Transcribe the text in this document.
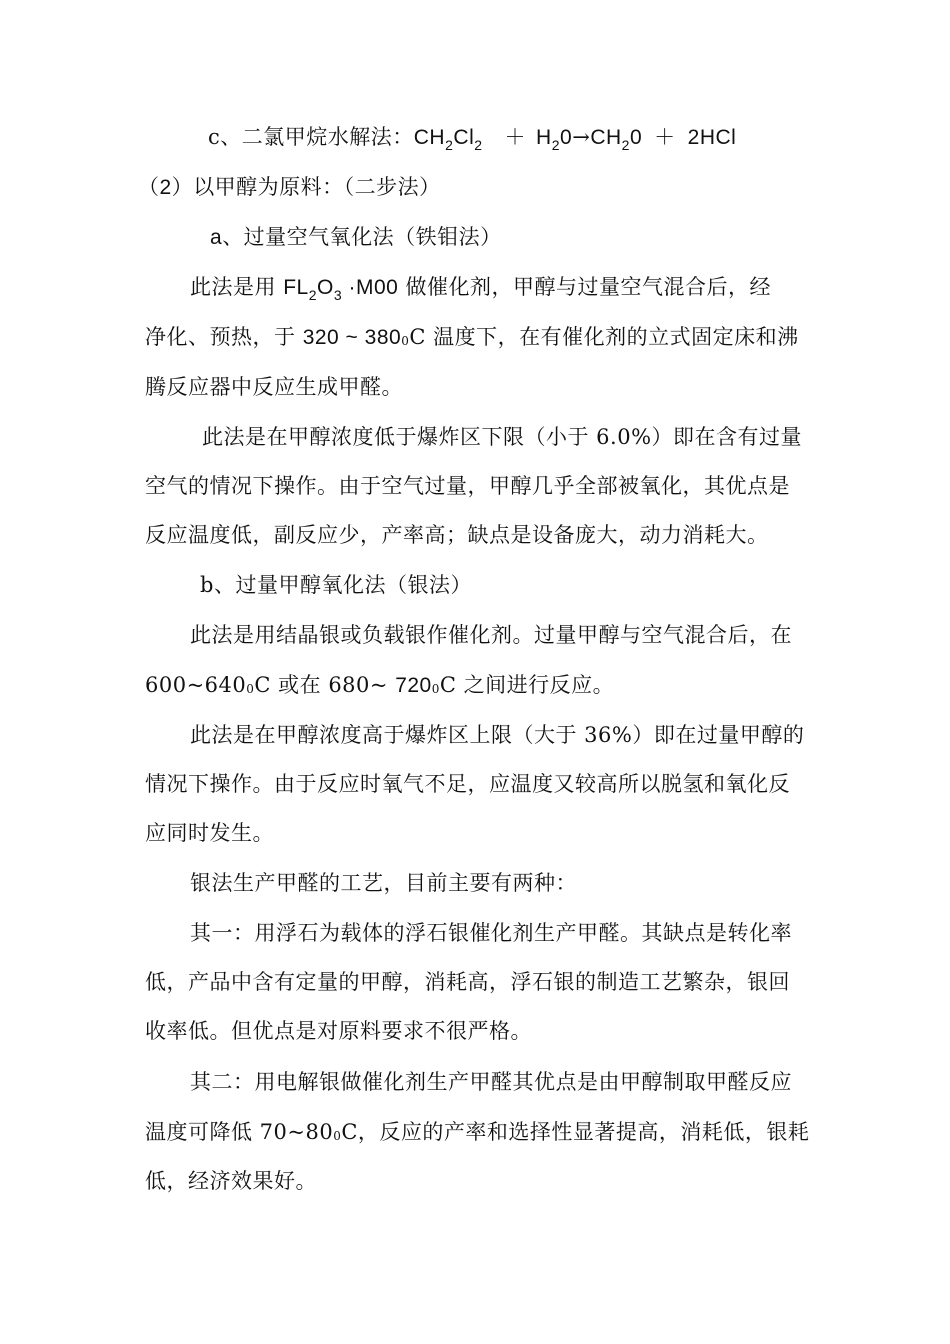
c、二氯甲烷水解法：$CH_2Cl_2 + H_20\to CH_20 + 2HCl$
（2）以甲醇为原料：（二步法）
a、过量空气氧化法（铁钼法）
此法是用 $FL_2O_3 \cdot M00$ 做催化剂，甲醇与过量空气混合后，经
净化、预热，于 320 ~ 3800C 温度下，在有催化剂的立式固定床和沸
腾反应器中反应生成甲醛。
此法是在甲醇浓度低于爆炸区下限（小于 6.0%）即在含有过量
空气的情况下操作。由于空气过量，甲醇几乎全部被氧化，其优点是
反应温度低，副反应少，产率高；缺点是设备庞大，动力消耗大。
b、过量甲醇氧化法（银法）
此法是用结晶银或负载银作催化剂。过量甲醇与空气混合后，在
600~6400C 或在 680~ 7200C 之间进行反应。
此法是在甲醇浓度高于爆炸区上限（大于 36%）即在过量甲醇的
情况下操作。由于反应时氧气不足，应温度又较高所以脱氢和氧化反
应同时发生。
银法生产甲醛的工艺，目前主要有两种：
其一：用浮石为载体的浮石银催化剂生产甲醛。其缺点是转化率
低，产品中含有定量的甲醇，消耗高，浮石银的制造工艺繁杂，银回
收率低。但优点是对原料要求不很严格。
其二：用电解银做催化剂生产甲醛其优点是由甲醇制取甲醛反应
温度可降低 70~800C，反应的产率和选择性显著提高，消耗低，银耗
低，经济效果好。
